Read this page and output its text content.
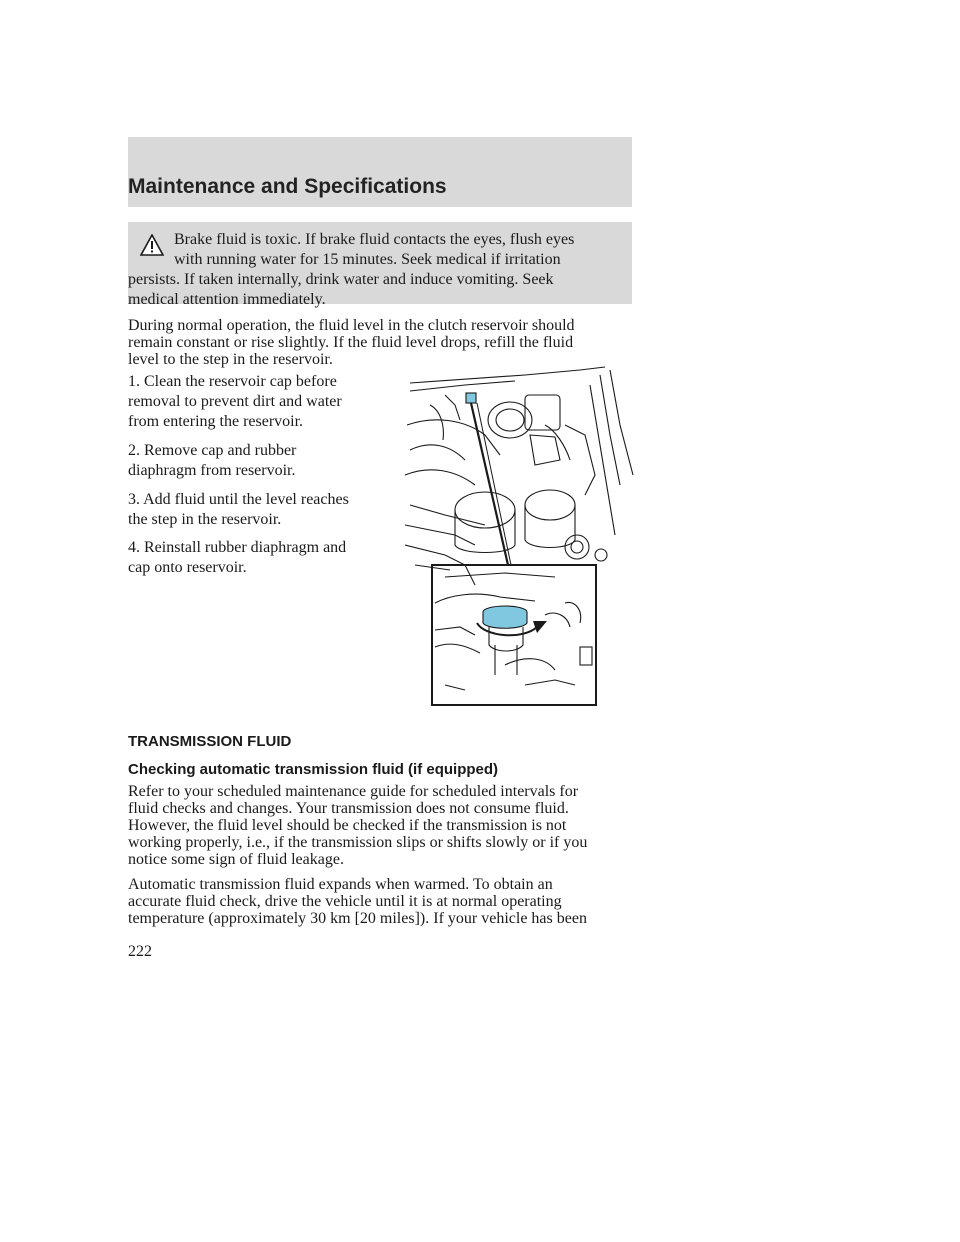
Maintenance and Specifications

Brake fluid is toxic. If brake fluid contacts the eyes, flush eyes

with running water for 15 minutes. Seek medical if irritation

persists. If taken internally, drink water and induce vomiting. Seek

medical attention immediately.

During normal operation, the fluid level in the clutch reservoir should

remain constant or rise slightly. If the fluid level drops, refill the fluid

level to the step in the reservoir.

1. Clean the reservoir cap before

removal to prevent dirt and water

from entering the reservoir.

2. Remove cap and rubber

diaphragm from reservoir.

3. Add fluid until the level reaches

the step in the reservoir.

4. Reinstall rubber diaphragm and

cap onto reservoir.

TRANSMISSION FLUID
Checking automatic transmission fluid (if equipped)

Refer to your scheduled maintenance guide for scheduled intervals for

fluid checks and changes. Your transmission does not consume fluid.

However, the fluid level should be checked if the transmission is not

working properly, i.e., if the transmission slips or shifts slowly or if you

notice some sign of fluid leakage.

Automatic transmission fluid expands when warmed. To obtain an

accurate fluid check, drive the vehicle until it is at normal operating

temperature (approximately 30 km [20 miles]). If your vehicle has been

222
